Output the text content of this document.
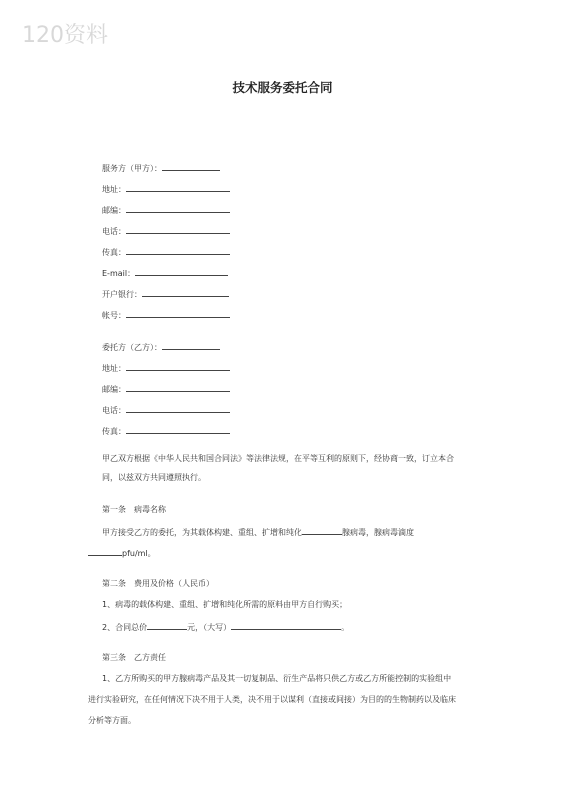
120资料
技术服务委托合同
服务方（甲方）：
地址：
邮编：
电话：
传真：
E-mail：
开户银行：
帐号：
委托方（乙方）：
地址：
邮编：
电话：
传真：
甲乙双方根据《中华人民共和国合同法》等法律法规，在平等互利的原则下，经协商一致，订立本合
同，以兹双方共同遵照执行。
第一条　病毒名称
甲方接受乙方的委托，为其载体构建、重组、扩增和纯化	腺病毒，腺病毒滴度
pfu/ml。
第二条　费用及价格（人民币）
1、病毒的载体构建、重组、扩增和纯化所需的原料由甲方自行购买；
2、合同总价	元，（大写）	。
第三条　乙方责任
1、乙方所购买的甲方腺病毒产品及其一切复制品、衍生产品将只供乙方或乙方所能控制的实验组中
进行实验研究，在任何情况下决不用于人类，决不用于以谋利（直接或间接）为目的的生物制药以及临床
分析等方面。
